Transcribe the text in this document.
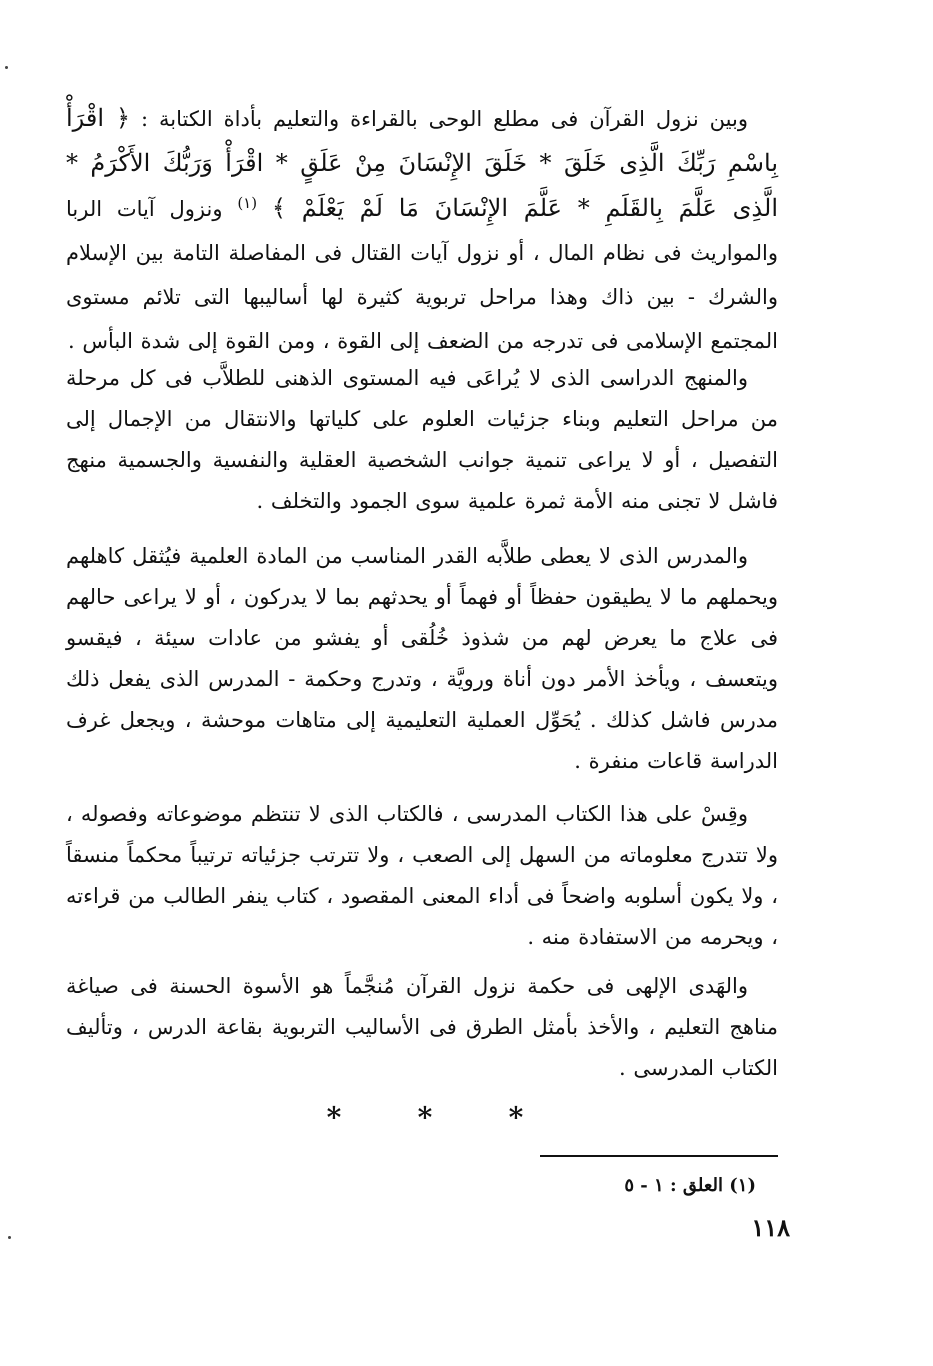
وبين نزول القرآن فى مطلع الوحى بالقراءة والتعليم بأداة الكتابة : ﴿ اقْرَأْ بِاسْمِ رَبِّكَ الَّذِى خَلَقَ * خَلَقَ الإِنْسَانَ مِنْ عَلَقٍ * اقْرَأْ وَرَبُّكَ الأَكْرَمُ * الَّذِى عَلَّمَ بِالقَلَمِ * عَلَّمَ الإِنْسَانَ مَا لَمْ يَعْلَمْ ﴾ $^{(١)}$ ونزول آيات الربا والمواريث فى نظام المال ، أو نزول آيات القتال فى المفاصلة التامة بين الإسلام والشرك - بين ذاك وهذا مراحل تربوية كثيرة لها أساليبها التى تلائم مستوى المجتمع الإسلامى فى تدرجه من الضعف إلى القوة ، ومن القوة إلى شدة البأس .

والمنهج الدراسى الذى لا يُراعَى فيه المستوى الذهنى للطلاَّب فى كل مرحلة من مراحل التعليم وبناء جزئيات العلوم على كلياتها والانتقال من الإجمال إلى التفصيل ، أو لا يراعى تنمية جوانب الشخصية العقلية والنفسية والجسمية منهج فاشل لا تجنى منه الأمة ثمرة علمية سوى الجمود والتخلف .

والمدرس الذى لا يعطى طلاَّبه القدر المناسب من المادة العلمية فيُثقل كاهلهم ويحملهم ما لا يطيقون حفظاً أو فهماً أو يحدثهم بما لا يدركون ، أو لا يراعى حالهم فى علاج ما يعرض لهم من شذوذ خُلُقى أو يفشو من عادات سيئة ، فيقسو ويتعسف ، ويأخذ الأمر دون أناة ورويَّة ، وتدرج وحكمة - المدرس الذى يفعل ذلك مدرس فاشل كذلك . يُحَوِّل العملية التعليمية إلى متاهات موحشة ، ويجعل غرف الدراسة قاعات منفرة .

وقِسْ على هذا الكتاب المدرسى ، فالكتاب الذى لا تنتظم موضوعاته وفصوله ، ولا تتدرج معلوماته من السهل إلى الصعب ، ولا تترتب جزئياته ترتيباً محكماً منسقاً ، ولا يكون أسلوبه واضحاً فى أداء المعنى المقصود ، كتاب ينفر الطالب من قراءته ، ويحرمه من الاستفادة منه .

والهَدى الإلهى فى حكمة نزول القرآن مُنجَّماً هو الأسوة الحسنة فى صياغة مناهج التعليم ، والأخذ بأمثل الطرق فى الأساليب التربوية بقاعة الدرس ، وتأليف الكتاب المدرسى .

*	*	*
(١) العلق : ١ - ٥
١١٨
